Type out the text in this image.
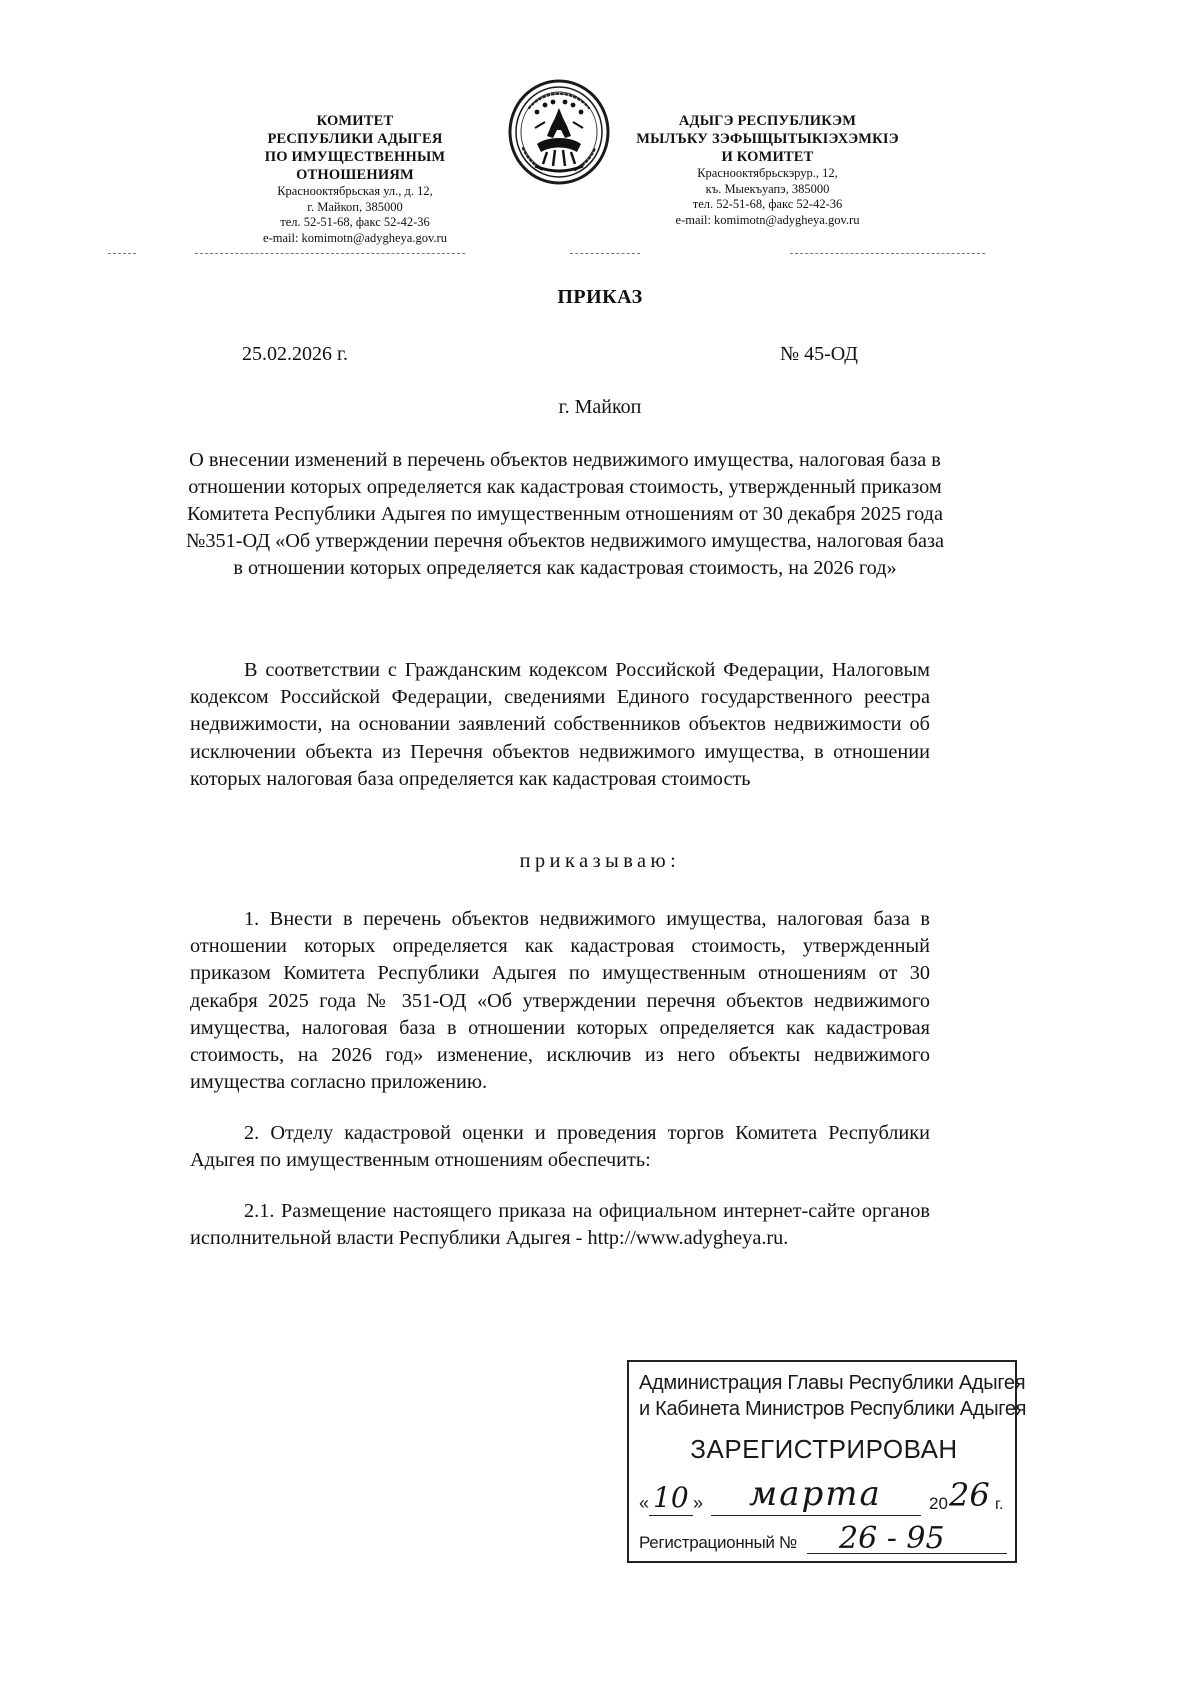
КОМИТЕТ
РЕСПУБЛИКИ АДЫГЕЯ
ПО ИМУЩЕСТВЕННЫМ ОТНОШЕНИЯМ
Краснооктябрьская ул., д. 12,
г. Майкоп, 385000
тел. 52-51-68, факс 52-42-36
e-mail: komimotn@adygheya.gov.ru
АДЫГЭ РЕСПУБЛИКЭМ
МЫЛЪКУ ЗЭФЫЩЫТЫКІЭХЭМКІЭ
И КОМИТЕТ
Краснооктябрьскэрур., 12,
къ. Мыекъуапэ, 385000
тел. 52-51-68, факс 52-42-36
e-mail: komimotn@adygheya.gov.ru
ПРИКАЗ
25.02.2026 г.	№ 45-ОД
г. Майкоп
О внесении изменений в перечень объектов недвижимого имущества, налоговая база в отношении которых определяется как кадастровая стоимость, утвержденный приказом Комитета Республики Адыгея по имущественным отношениям от 30 декабря 2025 года №351-ОД «Об утверждении перечня объектов недвижимого имущества, налоговая база в отношении которых определяется как кадастровая стоимость, на 2026 год»
В соответствии с Гражданским кодексом Российской Федерации, Налоговым кодексом Российской Федерации, сведениями Единого государственного реестра недвижимости, на основании заявлений собственников объектов недвижимости об исключении объекта из Перечня объектов недвижимого имущества, в отношении которых налоговая база определяется как кадастровая стоимость
приказываю:
1. Внести в перечень объектов недвижимого имущества, налоговая база в отношении которых определяется как кадастровая стоимость, утвержденный приказом Комитета Республики Адыгея по имущественным отношениям от 30 декабря 2025 года № 351-ОД «Об утверждении перечня объектов недвижимого имущества, налоговая база в отношении которых определяется как кадастровая стоимость, на 2026 год» изменение, исключив из него объекты недвижимого имущества согласно приложению.
2. Отделу кадастровой оценки и проведения торгов Комитета Республики Адыгея по имущественным отношениям обеспечить:
2.1. Размещение настоящего приказа на официальном интернет-сайте органов исполнительной власти Республики Адыгея - http://www.adygheya.ru.
Администрация Главы Республики Адыгея
и Кабинета Министров Республики Адыгея
ЗАРЕГИСТРИРОВАН
« 10 » марта	20 26 г.
Регистрационный № 26 - 95
